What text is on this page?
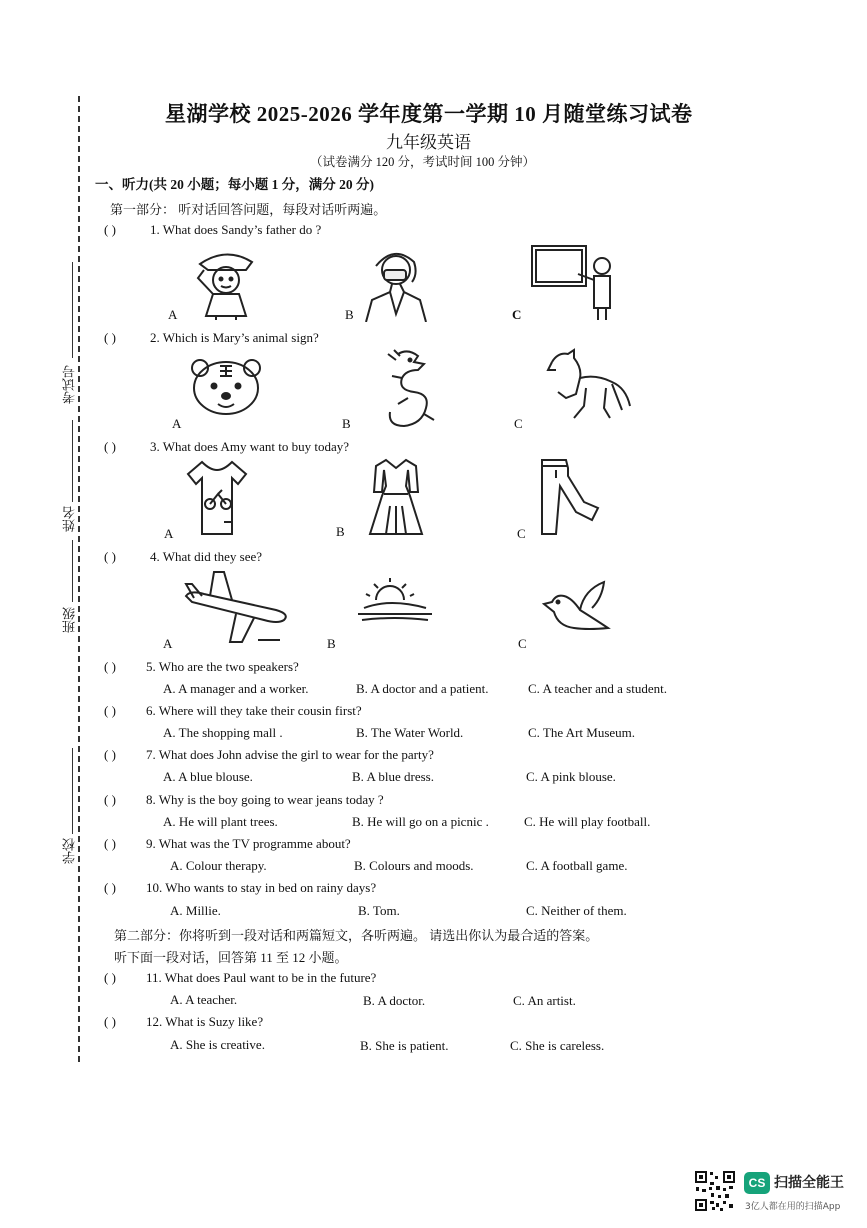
考试号
姓名
班级
学校
星湖学校 2025-2026 学年度第一学期 10 月随堂练习试卷
九年级英语
（试卷满分 120 分，考试时间 100 分钟）
一、听力(共 20 小题；每小题 1 分，满分 20 分)
第一部分： 听对话回答问题，每段对话听两遍。
( )	1. What does Sandy’s father do ?
A	B	C
( )	2. Which is Mary’s animal sign?
A	B	C
( )	3. What does Amy want to buy today?
A	B	C
( )	4. What did they see?
A	B	C
( ) 5. Who are the two speakers?
A. A manager and a worker.	B. A doctor and a patient.	C. A teacher and a student.
( ) 6. Where will they take their cousin first?
A. The shopping mall .	B. The Water World.	C. The Art Museum.
( ) 7. What does John advise the girl to wear for the party?
A. A blue blouse.	B. A blue dress.	C. A pink blouse.
( ) 8. Why is the boy going to wear jeans today ?
A. He will plant trees.	B. He will go on a picnic .	C. He will play football.
( ) 9. What was the TV programme about?
A. Colour therapy.	B. Colours and moods.	C. A football game.
( ) 10. Who wants to stay in bed on rainy days?
A. Millie.	B. Tom.	C. Neither of them.
第二部分：你将听到一段对话和两篇短文，各听两遍。 请选出你认为最合适的答案。
听下面一段对话，回答第 11 至 12 小题。
( ) 11. What does Paul want to be in the future?
A. A teacher.	B. A doctor.	C. An artist.
( ) 12. What is Suzy like?
A. She is creative.	B. She is patient.	C. She is careless.
CS 扫描全能王
3亿人都在用的扫描App
